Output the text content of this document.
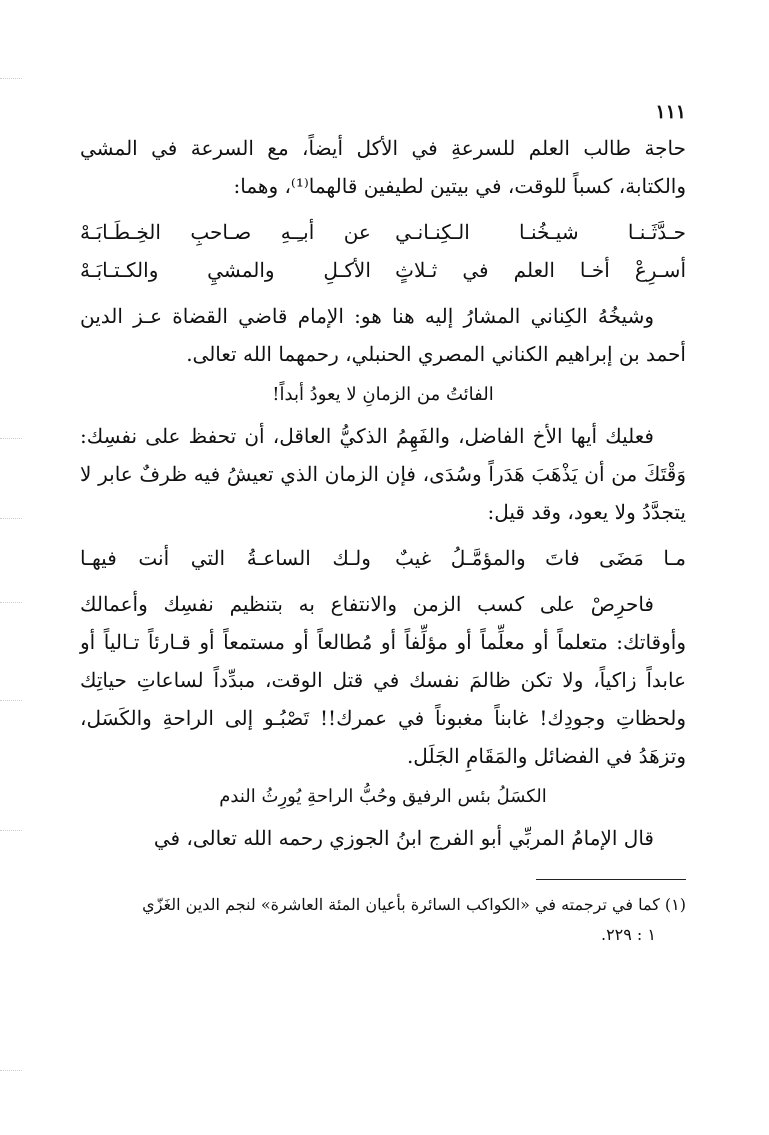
١١١

حاجة طالب العلم للسرعةِ في الأكل أيضاً، مع السرعة في المشي والكتابة، كسباً للوقت، في بيتين لطيفين قالهما⁽¹⁾، وهما:

حـدَّثَـنـا شيـخُنـا الـكِنـانـي
عن أبـِـهِ صـاحبِ الخِـطَـابَـهْ
أسـرِعْ أخـا العلم في ثـلاثٍ
الأكـلِ والمشيِ والكـتـابَـهْ

وشيخُهُ الكِناني المشارُ إليه هنا هو: الإمام قاضي القضاة عـز الدين أحمد بن إبراهيم الكناني المصري الحنبلي، رحمهما الله تعالى.

الفائتُ من الزمانِ لا يعودُ أبداً!

فعليك أيها الأخ الفاضل، والفَهِمُ الذكيُّ العاقل، أن تحفظ على نفسِك: وَقْتَكَ من أن يَذْهَبَ هَدَراً وسُدَى، فإن الزمان الذي تعيشُ فيه ظرفٌ عابر لا يتجدَّدُ ولا يعود، وقد قيل:

مـا مَضَى فاتَ والمؤمَّـلُ غيبٌ
ولـك الساعـةُ التي أنت فيهـا

فاحرِصْ على كسب الزمن والانتفاع به بتنظيم نفسِك وأعمالك وأوقاتك: متعلماً أو معلِّماً أو مؤلِّفاً أو مُطالعاً أو مستمعاً أو قـارئاً تـالياً أو عابداً زاكياً، ولا تكن ظالمَ نفسك في قتل الوقت، مبدِّداً لساعاتِ حياتِك ولحظاتِ وجودِك! غابناً مغبوناً في عمرك!! تَصْبُـو إلى الراحةِ والكَسَل، وتزهَدُ في الفضائل والمَقَامِ الجَلَل.

الكسَلُ بئس الرفيق وحُبُّ الراحةِ يُورِثُ الندم

قال الإمامُ المربِّي أبو الفرج ابنُ الجوزي رحمه الله تعالى، في

(١) كما في ترجمته في «الكواكب السائرة بأعيان المئة العاشرة» لنجم الدين الغَزّي
١ : ٢٢٩.
